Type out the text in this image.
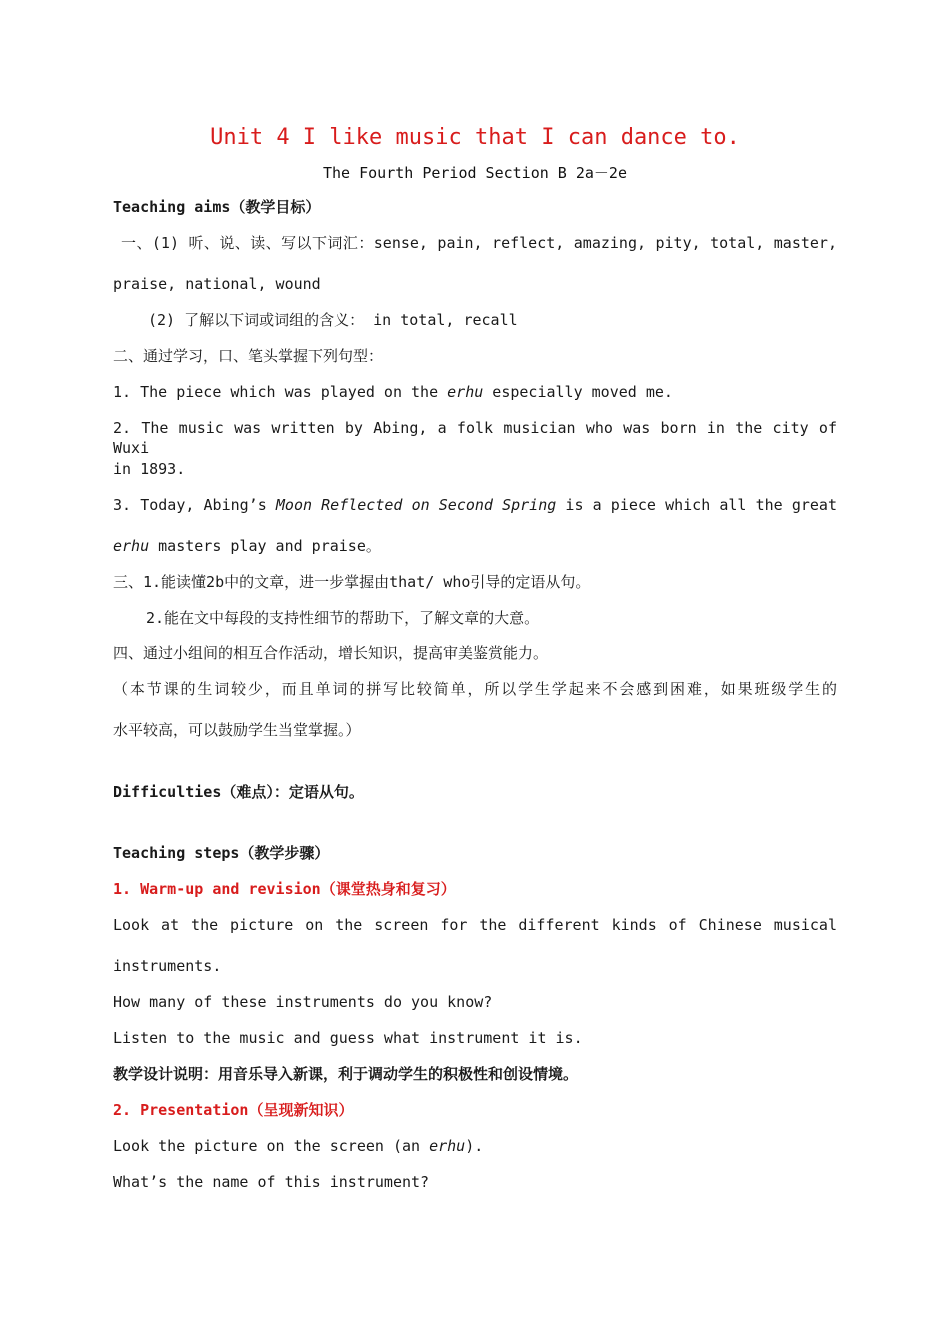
Unit 4 I like music that I can dance to.
The Fourth Period Section B 2a－2e
Teaching aims（教学目标）
一、(1) 听、说、读、写以下词汇：sense, pain, reflect, amazing, pity, total, master,
praise, national, wound
(2) 了解以下词或词组的含义： in total, recall
二、通过学习，口、笔头掌握下列句型：
1. The piece which was played on the erhu especially moved me.
2. The music was written by Abing, a folk musician who was born in the city of Wuxi
in 1893.
3. Today, Abing’s Moon Reflected on Second Spring is a piece which all the great
erhu masters play and praise。
三、1.能读懂2b中的文章，进一步掌握由that/ who引导的定语从句。
2.能在文中每段的支持性细节的帮助下，了解文章的大意。
四、通过小组间的相互合作活动，增长知识，提高审美鉴赏能力。
（本节课的生词较少，而且单词的拼写比较简单，所以学生学起来不会感到困难，如果班级学生的
水平较高，可以鼓励学生当堂掌握。）
Difficulties（难点）：定语从句。
Teaching steps（教学步骤）
1. Warm-up and revision（课堂热身和复习）
Look at the picture on the screen for the different kinds of Chinese musical
instruments.
How many of these instruments do you know?
Listen to the music and guess what instrument it is.
教学设计说明：用音乐导入新课，利于调动学生的积极性和创设情境。
2. Presentation（呈现新知识）
Look the picture on the screen (an erhu).
What’s the name of this instrument?
